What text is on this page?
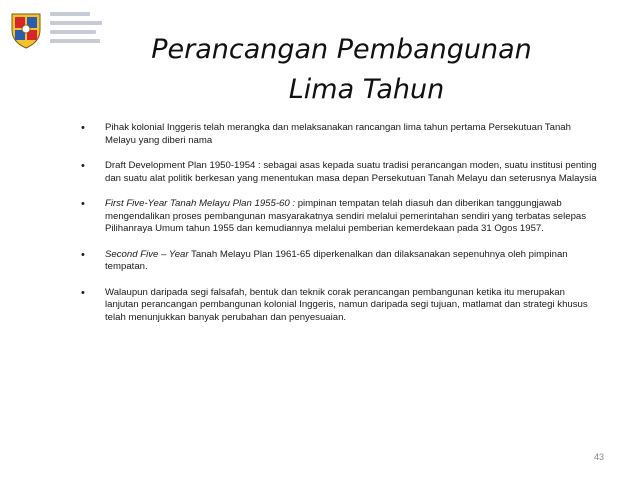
Perancangan Pembangunan
Lima Tahun
• Pihak kolonial Inggeris telah merangka dan melaksanakan rancangan lima tahun pertama Persekutuan Tanah Melayu yang diberi nama
• Draft Development Plan 1950-1954 : sebagai asas kepada suatu tradisi perancangan moden, suatu institusi penting dan suatu alat politik berkesan yang menentukan masa depan Persekutuan Tanah Melayu dan seterusnya Malaysia
• First Five-Year Tanah Melayu Plan 1955-60 : pimpinan tempatan telah diasuh dan diberikan tanggungjawab mengendalikan proses pembangunan masyarakatnya sendiri melalui pemerintahan sendiri yang terbatas selepas Pilihanraya Umum tahun 1955 dan kemudiannya melalui pemberian kemerdekaan pada 31 Ogos 1957.
• Second Five – Year Tanah Melayu Plan 1961-65 diperkenalkan dan dilaksanakan sepenuhnya oleh pimpinan tempatan.
• Walaupun daripada segi falsafah, bentuk dan teknik corak perancangan pembangunan ketika itu merupakan lanjutan perancangan pembangunan kolonial Inggeris, namun daripada segi tujuan, matlamat dan strategi khusus telah menunjukkan banyak perubahan dan penyesuaian.
43
